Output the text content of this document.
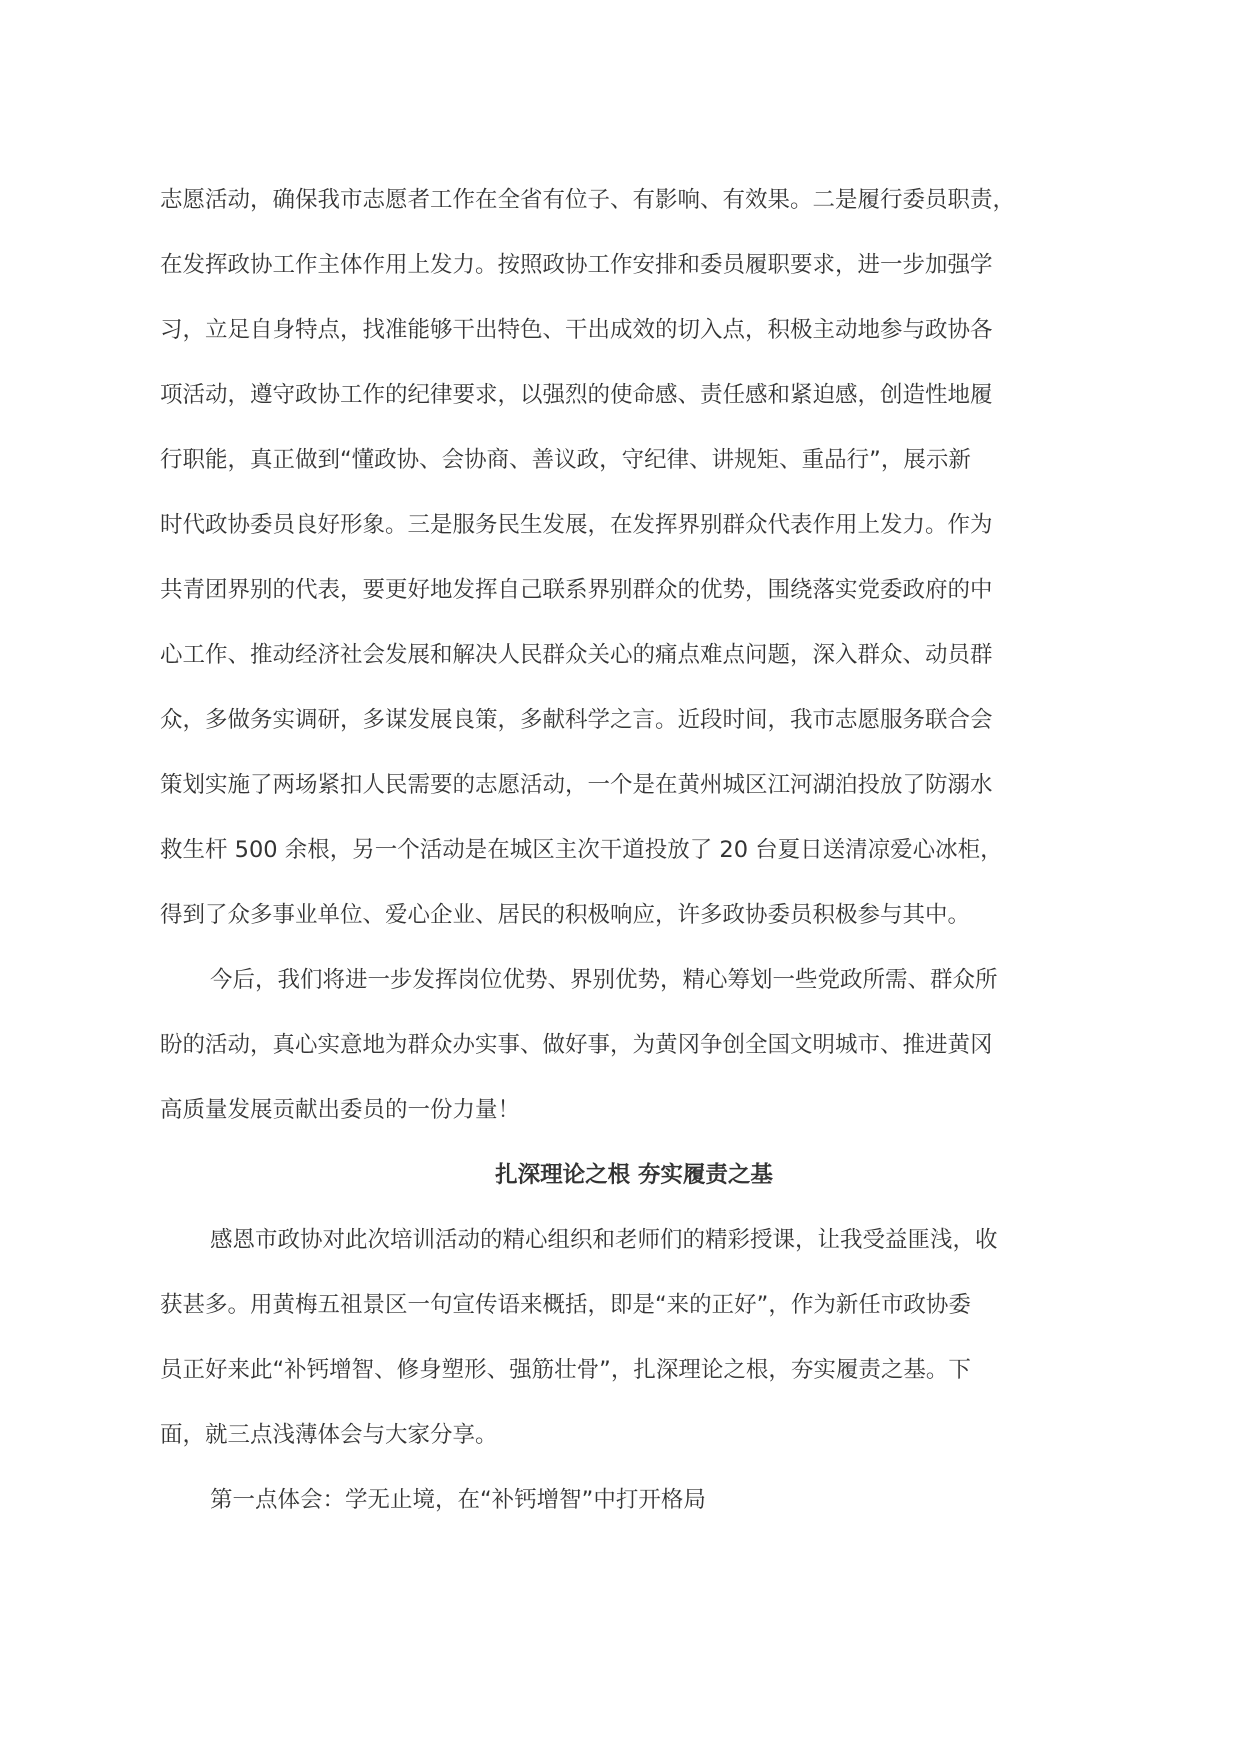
志愿活动，确保我市志愿者工作在全省有位子、有影响、有效果。二是履行委员职责，
在发挥政协工作主体作用上发力。按照政协工作安排和委员履职要求，进一步加强学
习，立足自身特点，找准能够干出特色、干出成效的切入点，积极主动地参与政协各
项活动，遵守政协工作的纪律要求，以强烈的使命感、责任感和紧迫感，创造性地履
行职能，真正做到“懂政协、会协商、善议政，守纪律、讲规矩、重品行”，展示新
时代政协委员良好形象。三是服务民生发展，在发挥界别群众代表作用上发力。作为
共青团界别的代表，要更好地发挥自己联系界别群众的优势，围绕落实党委政府的中
心工作、推动经济社会发展和解决人民群众关心的痛点难点问题，深入群众、动员群
众，多做务实调研，多谋发展良策，多献科学之言。近段时间，我市志愿服务联合会
策划实施了两场紧扣人民需要的志愿活动，一个是在黄州城区江河湖泊投放了防溺水
救生杆 500 余根，另一个活动是在城区主次干道投放了 20 台夏日送清凉爱心冰柜，
得到了众多事业单位、爱心企业、居民的积极响应，许多政协委员积极参与其中。
今后，我们将进一步发挥岗位优势、界别优势，精心筹划一些党政所需、群众所
盼的活动，真心实意地为群众办实事、做好事，为黄冈争创全国文明城市、推进黄冈
高质量发展贡献出委员的一份力量！
扎深理论之根 夯实履责之基
感恩市政协对此次培训活动的精心组织和老师们的精彩授课，让我受益匪浅，收
获甚多。用黄梅五祖景区一句宣传语来概括，即是“来的正好”，作为新任市政协委
员正好来此“补钙增智、修身塑形、强筋壮骨”，扎深理论之根，夯实履责之基。下
面，就三点浅薄体会与大家分享。
第一点体会：学无止境，在“补钙增智”中打开格局
